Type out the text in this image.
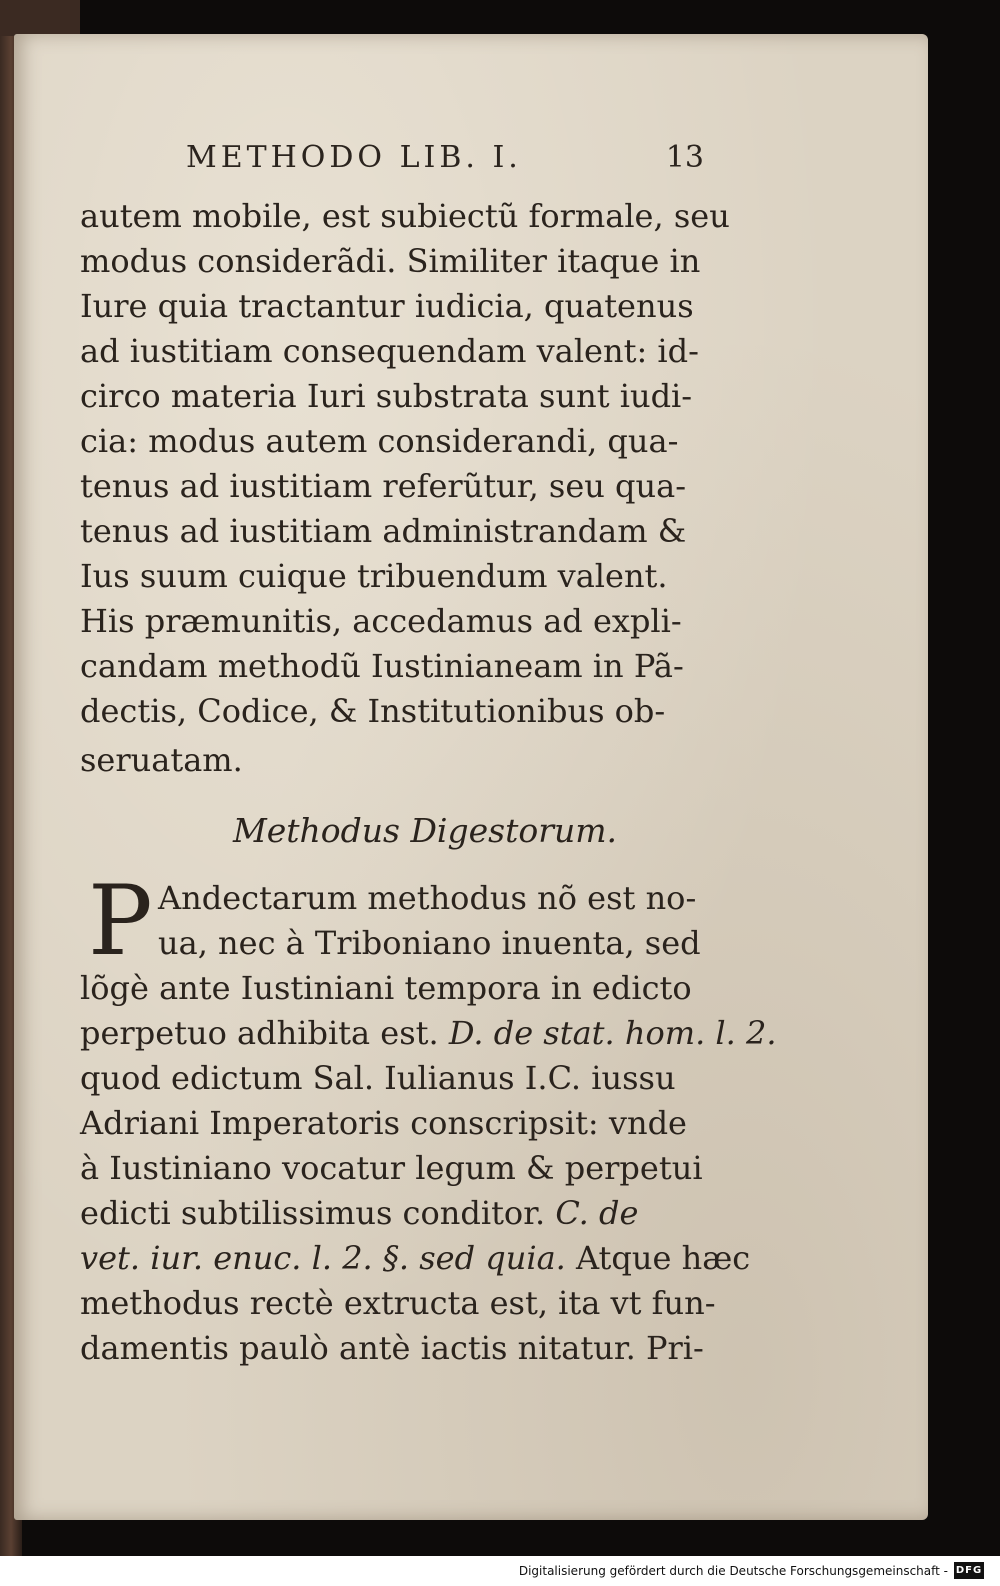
METHODO LIB. I.	13
autem mobile, est subiectũ formale, seu
modus considerãdi. Similiter itaque in
Iure quia tractantur iudicia, quatenus
ad iustitiam consequendam valent: id-
circo materia Iuri substrata sunt iudi-
cia: modus autem considerandi, qua-
tenus ad iustitiam referũtur, seu qua-
tenus ad iustitiam administrandam &
Ius suum cuique tribuendum valent.
His præmunitis, accedamus ad expli-
candam methodũ Iustinianeam in Pã-
dectis, Codice, & Institutionibus ob-
seruatam.
Methodus Digestorum.
P Andectarum methodus nõ est no-
ua, nec à Triboniano inuenta, sed
lõgè ante Iustiniani tempora in edicto
perpetuo adhibita est. D. de stat. hom. l. 2.
quod edictum Sal. Iulianus I.C. iussu
Adriani Imperatoris conscripsit: vnde
à Iustiniano vocatur legum & perpetui
edicti subtilissimus conditor. C. de
vet. iur. enuc. l. 2. §. sed quia. Atque hæc
methodus rectè extructa est, ita vt fun-
damentis paulò antè iactis nitatur. Pri-
Digitalisierung gefördert durch die Deutsche Forschungsgemeinschaft - DFG
